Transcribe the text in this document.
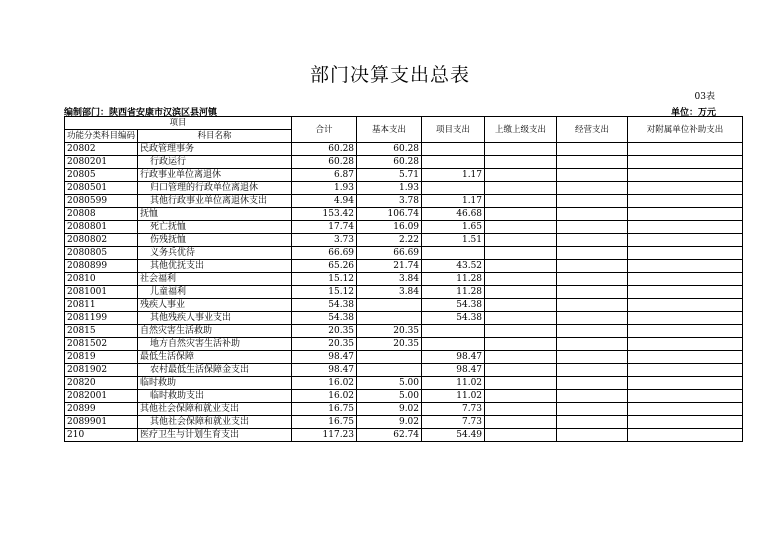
部门决算支出总表
03表
编制部门：陕西省安康市汉滨区县河镇	单位：万元
项目		合计	基本支出	项目支出	上缴上级支出	经营支出	对附属单位补助支出
功能分类科目编码	科目名称						
20802	民政管理事务	60.28	60.28				
2080201	行政运行	60.28	60.28				
20805	行政事业单位离退休	6.87	5.71	1.17			
2080501	归口管理的行政单位离退休	1.93	1.93				
2080599	其他行政事业单位离退休支出	4.94	3.78	1.17			
20808	抚恤	153.42	106.74	46.68			
2080801	死亡抚恤	17.74	16.09	1.65			
2080802	伤残抚恤	3.73	2.22	1.51			
2080805	义务兵优待	66.69	66.69				
2080899	其他优抚支出	65.26	21.74	43.52			
20810	社会福利	15.12	3.84	11.28			
2081001	儿童福利	15.12	3.84	11.28			
20811	残疾人事业	54.38		54.38			
2081199	其他残疾人事业支出	54.38		54.38			
20815	自然灾害生活救助	20.35	20.35				
2081502	地方自然灾害生活补助	20.35	20.35				
20819	最低生活保障	98.47		98.47			
2081902	农村最低生活保障金支出	98.47		98.47			
20820	临时救助	16.02	5.00	11.02			
2082001	临时救助支出	16.02	5.00	11.02			
20899	其他社会保障和就业支出	16.75	9.02	7.73			
2089901	其他社会保障和就业支出	16.75	9.02	7.73			
210	医疗卫生与计划生育支出	117.23	62.74	54.49			
